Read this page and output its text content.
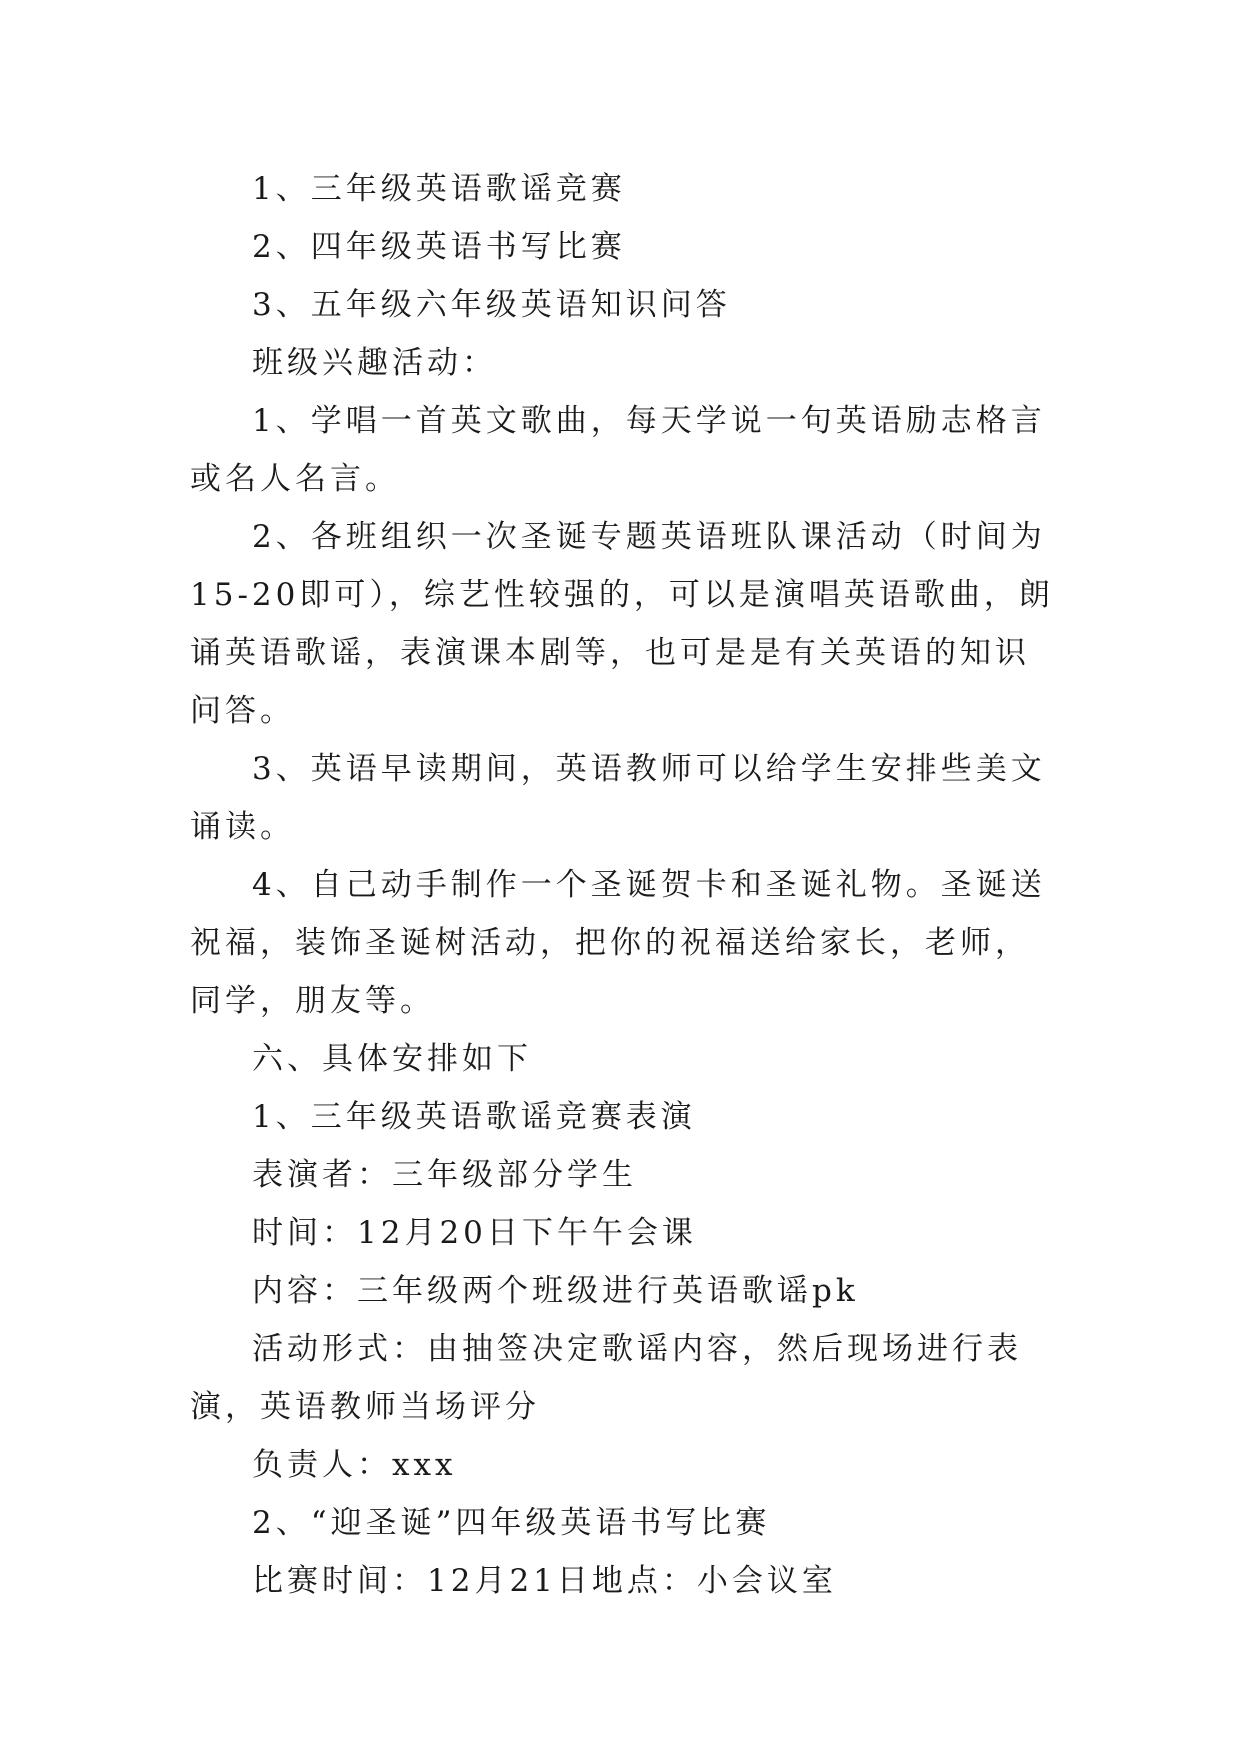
1、三年级英语歌谣竞赛

2、四年级英语书写比赛

3、五年级六年级英语知识问答

班级兴趣活动：

1、学唱一首英文歌曲，每天学说一句英语励志格言或名人名言。

2、各班组织一次圣诞专题英语班队课活动（时间为15-20即可），综艺性较强的，可以是演唱英语歌曲，朗诵英语歌谣，表演课本剧等，也可是是有关英语的知识问答。

3、英语早读期间，英语教师可以给学生安排些美文诵读。

4、自己动手制作一个圣诞贺卡和圣诞礼物。圣诞送祝福，装饰圣诞树活动，把你的祝福送给家长，老师，同学，朋友等。

六、具体安排如下

1、三年级英语歌谣竞赛表演

表演者：三年级部分学生

时间：12月20日下午午会课

内容：三年级两个班级进行英语歌谣pk

活动形式：由抽签决定歌谣内容，然后现场进行表演，英语教师当场评分

负责人：xxx

2、“迎圣诞”四年级英语书写比赛

比赛时间：12月21日地点：小会议室
